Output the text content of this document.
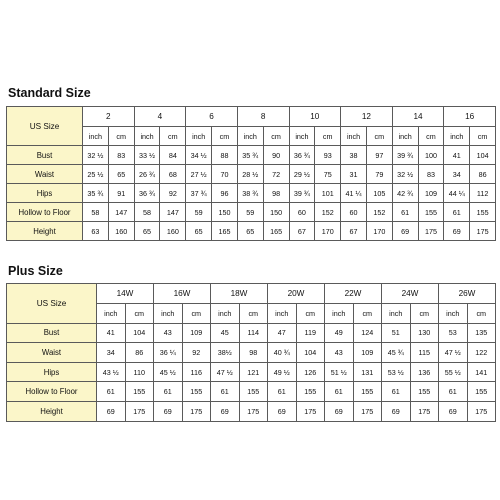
Standard Size
US Size	2		4		6		8		10		12		14		16	
	inch	cm	inch	cm	inch	cm	inch	cm	inch	cm	inch	cm	inch	cm	inch	cm
Bust	32 ½	83	33 ½	84	34 ½	88	35 ¾	90	36 ¾	93	38	97	39 ¾	100	41	104
Waist	25 ½	65	26 ¾	68	27 ½	70	28 ½	72	29 ½	75	31	79	32 ½	83	34	86
Hips	35 ¾	91	36 ¾	92	37 ¾	96	38 ¾	98	39 ¾	101	41 ¼	105	42 ¾	109	44 ¼	112
Hollow to Floor	58	147	58	147	59	150	59	150	60	152	60	152	61	155	61	155
Height	63	160	65	160	65	165	65	165	67	170	67	170	69	175	69	175
Plus Size
US Size	14W		16W		18W		20W		22W		24W		26W	
	inch	cm	inch	cm	inch	cm	inch	cm	inch	cm	inch	cm	inch	cm
Bust	41	104	43	109	45	114	47	119	49	124	51	130	53	135
Waist	34	86	36 ¼	92	38½	98	40 ¾	104	43	109	45 ¾	115	47 ½	122
Hips	43 ½	110	45 ½	116	47 ½	121	49 ½	126	51 ½	131	53 ½	136	55 ½	141
Hollow to Floor	61	155	61	155	61	155	61	155	61	155	61	155	61	155
Height	69	175	69	175	69	175	69	175	69	175	69	175	69	175
